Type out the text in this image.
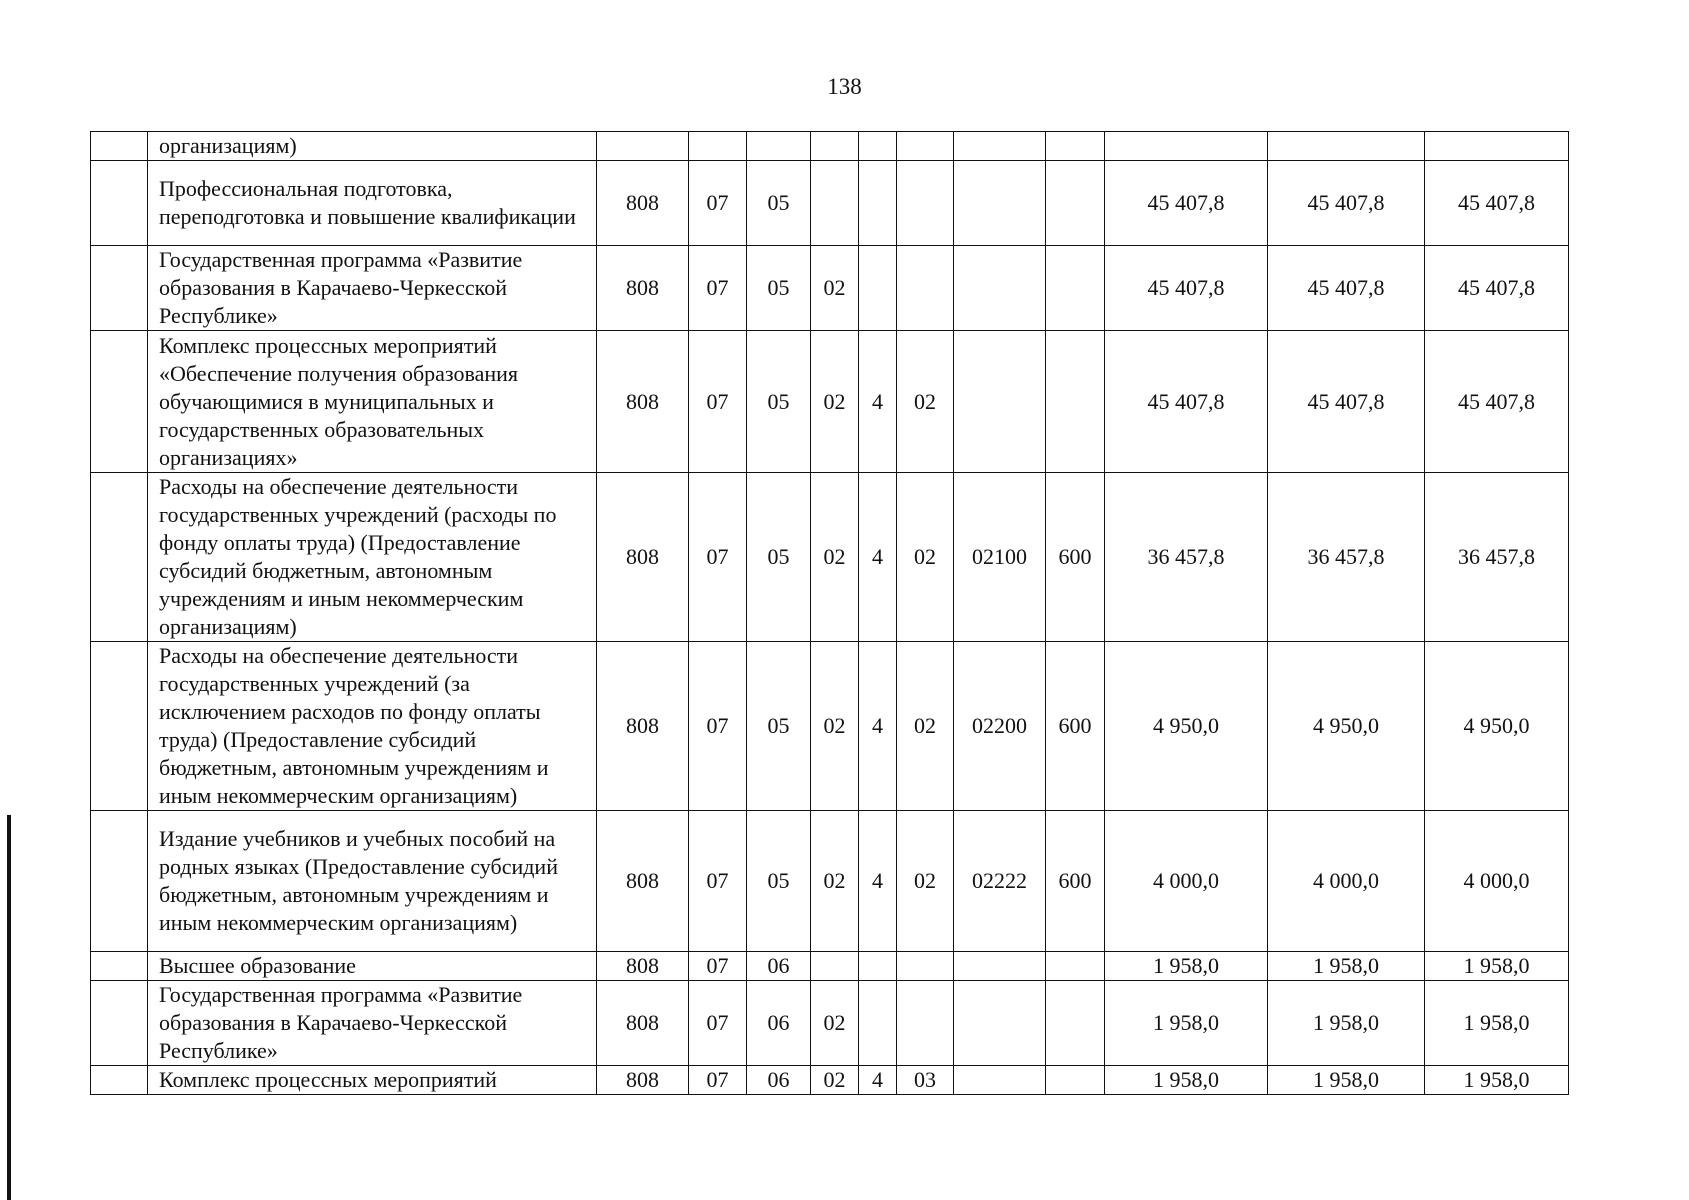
138
	организациям)											
	Профессиональная подготовка, переподготовка и повышение квалификации	808	07	05						45 407,8	45 407,8	45 407,8
	Государственная программа «Развитие образования в Карачаево-Черкесской Республике»	808	07	05	02					45 407,8	45 407,8	45 407,8
	Комплекс процессных мероприятий «Обеспечение получения образования обучающимися в муниципальных и государственных образовательных организациях»	808	07	05	02	4	02			45 407,8	45 407,8	45 407,8
	Расходы на обеспечение деятельности государственных учреждений (расходы по фонду оплаты труда) (Предоставление субсидий бюджетным, автономным учреждениям и иным некоммерческим организациям)	808	07	05	02	4	02	02100	600	36 457,8	36 457,8	36 457,8
	Расходы на обеспечение деятельности государственных учреждений (за исключением расходов по фонду оплаты труда) (Предоставление субсидий бюджетным, автономным учреждениям и иным некоммерческим организациям)	808	07	05	02	4	02	02200	600	4 950,0	4 950,0	4 950,0
	Издание учебников и учебных пособий на родных языках (Предоставление субсидий бюджетным, автономным учреждениям и иным некоммерческим организациям)	808	07	05	02	4	02	02222	600	4 000,0	4 000,0	4 000,0
	Высшее образование	808	07	06						1 958,0	1 958,0	1 958,0
	Государственная программа «Развитие образования в Карачаево-Черкесской Республике»	808	07	06	02					1 958,0	1 958,0	1 958,0
	Комплекс процессных мероприятий	808	07	06	02	4	03			1 958,0	1 958,0	1 958,0
